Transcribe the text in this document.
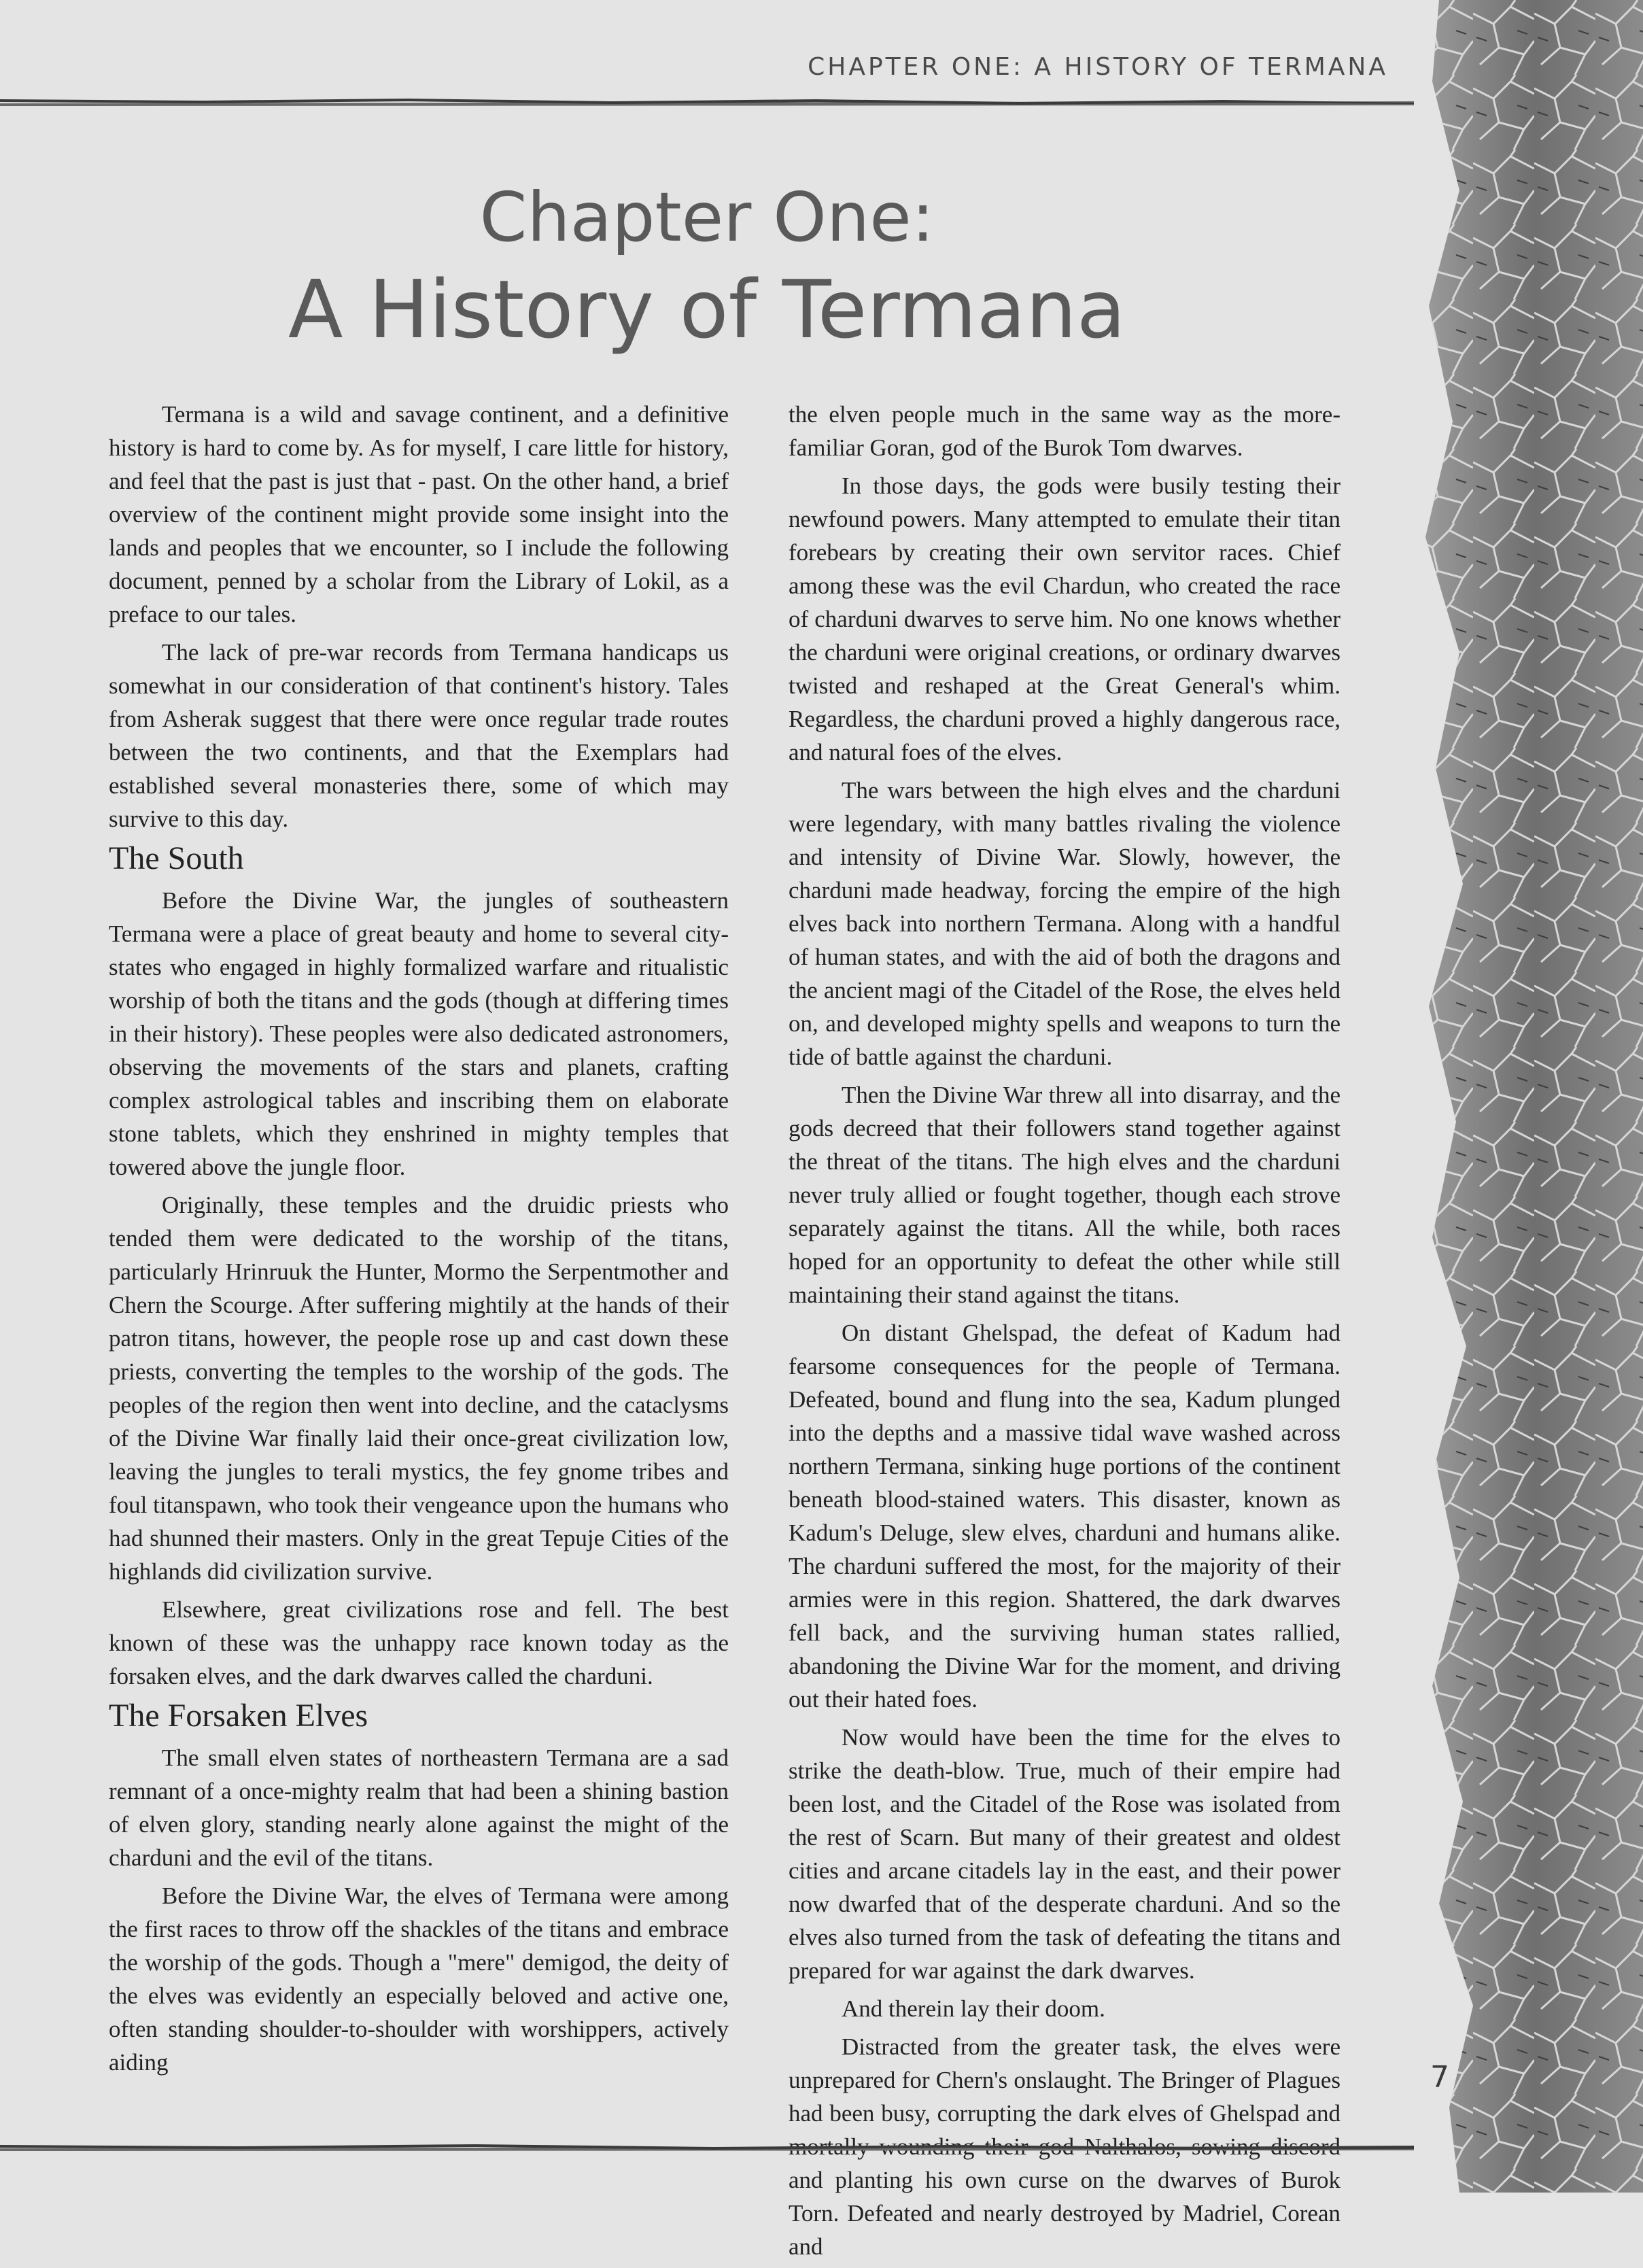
CHAPTER ONE: A HISTORY OF TERMANA
Chapter One:
A History of Termana

Termana is a wild and savage continent, and a definitive history is hard to come by. As for myself, I care little for history, and feel that the past is just that - past. On the other hand, a brief overview of the continent might provide some insight into the lands and peoples that we encounter, so I include the following document, penned by a scholar from the Library of Lokil, as a preface to our tales.

The lack of pre-war records from Termana handicaps us somewhat in our consideration of that continent's history. Tales from Asherak suggest that there were once regular trade routes between the two continents, and that the Exemplars had established several monasteries there, some of which may survive to this day.

The South

Before the Divine War, the jungles of southeastern Termana were a place of great beauty and home to several city-states who engaged in highly formalized warfare and ritualistic worship of both the titans and the gods (though at differing times in their history). These peoples were also dedicated astronomers, observing the movements of the stars and planets, crafting complex astrological tables and inscribing them on elaborate stone tablets, which they enshrined in mighty temples that towered above the jungle floor.

Originally, these temples and the druidic priests who tended them were dedicated to the worship of the titans, particularly Hrinruuk the Hunter, Mormo the Serpentmother and Chern the Scourge. After suffering mightily at the hands of their patron titans, however, the people rose up and cast down these priests, converting the temples to the worship of the gods. The peoples of the region then went into decline, and the cataclysms of the Divine War finally laid their once-great civilization low, leaving the jungles to terali mystics, the fey gnome tribes and foul titanspawn, who took their vengeance upon the humans who had shunned their masters. Only in the great Tepuje Cities of the highlands did civilization survive.

Elsewhere, great civilizations rose and fell. The best known of these was the unhappy race known today as the forsaken elves, and the dark dwarves called the charduni.

The Forsaken Elves

The small elven states of northeastern Termana are a sad remnant of a once-mighty realm that had been a shining bastion of elven glory, standing nearly alone against the might of the charduni and the evil of the titans.

Before the Divine War, the elves of Termana were among the first races to throw off the shackles of the titans and embrace the worship of the gods. Though a "mere" demigod, the deity of the elves was evidently an especially beloved and active one, often standing shoulder-to-shoulder with worshippers, actively aiding

the elven people much in the same way as the more-familiar Goran, god of the Burok Tom dwarves.

In those days, the gods were busily testing their newfound powers. Many attempted to emulate their titan forebears by creating their own servitor races. Chief among these was the evil Chardun, who created the race of charduni dwarves to serve him. No one knows whether the charduni were original creations, or ordinary dwarves twisted and reshaped at the Great General's whim. Regardless, the charduni proved a highly dangerous race, and natural foes of the elves.

The wars between the high elves and the charduni were legendary, with many battles rivaling the violence and intensity of Divine War. Slowly, however, the charduni made headway, forcing the empire of the high elves back into northern Termana. Along with a handful of human states, and with the aid of both the dragons and the ancient magi of the Citadel of the Rose, the elves held on, and developed mighty spells and weapons to turn the tide of battle against the charduni.

Then the Divine War threw all into disarray, and the gods decreed that their followers stand together against the threat of the titans. The high elves and the charduni never truly allied or fought together, though each strove separately against the titans. All the while, both races hoped for an opportunity to defeat the other while still maintaining their stand against the titans.

On distant Ghelspad, the defeat of Kadum had fearsome consequences for the people of Termana. Defeated, bound and flung into the sea, Kadum plunged into the depths and a massive tidal wave washed across northern Termana, sinking huge portions of the continent beneath blood-stained waters. This disaster, known as Kadum's Deluge, slew elves, charduni and humans alike. The charduni suffered the most, for the majority of their armies were in this region. Shattered, the dark dwarves fell back, and the surviving human states rallied, abandoning the Divine War for the moment, and driving out their hated foes.

Now would have been the time for the elves to strike the death-blow. True, much of their empire had been lost, and the Citadel of the Rose was isolated from the rest of Scarn. But many of their greatest and oldest cities and arcane citadels lay in the east, and their power now dwarfed that of the desperate charduni. And so the elves also turned from the task of defeating the titans and prepared for war against the dark dwarves.

And therein lay their doom.

Distracted from the greater task, the elves were unprepared for Chern's onslaught. The Bringer of Plagues had been busy, corrupting the dark elves of Ghelspad and and planting his own curse on the dwarves of Burok Torn. Defeated and nearly destroyed by Madriel, Corean and

7
